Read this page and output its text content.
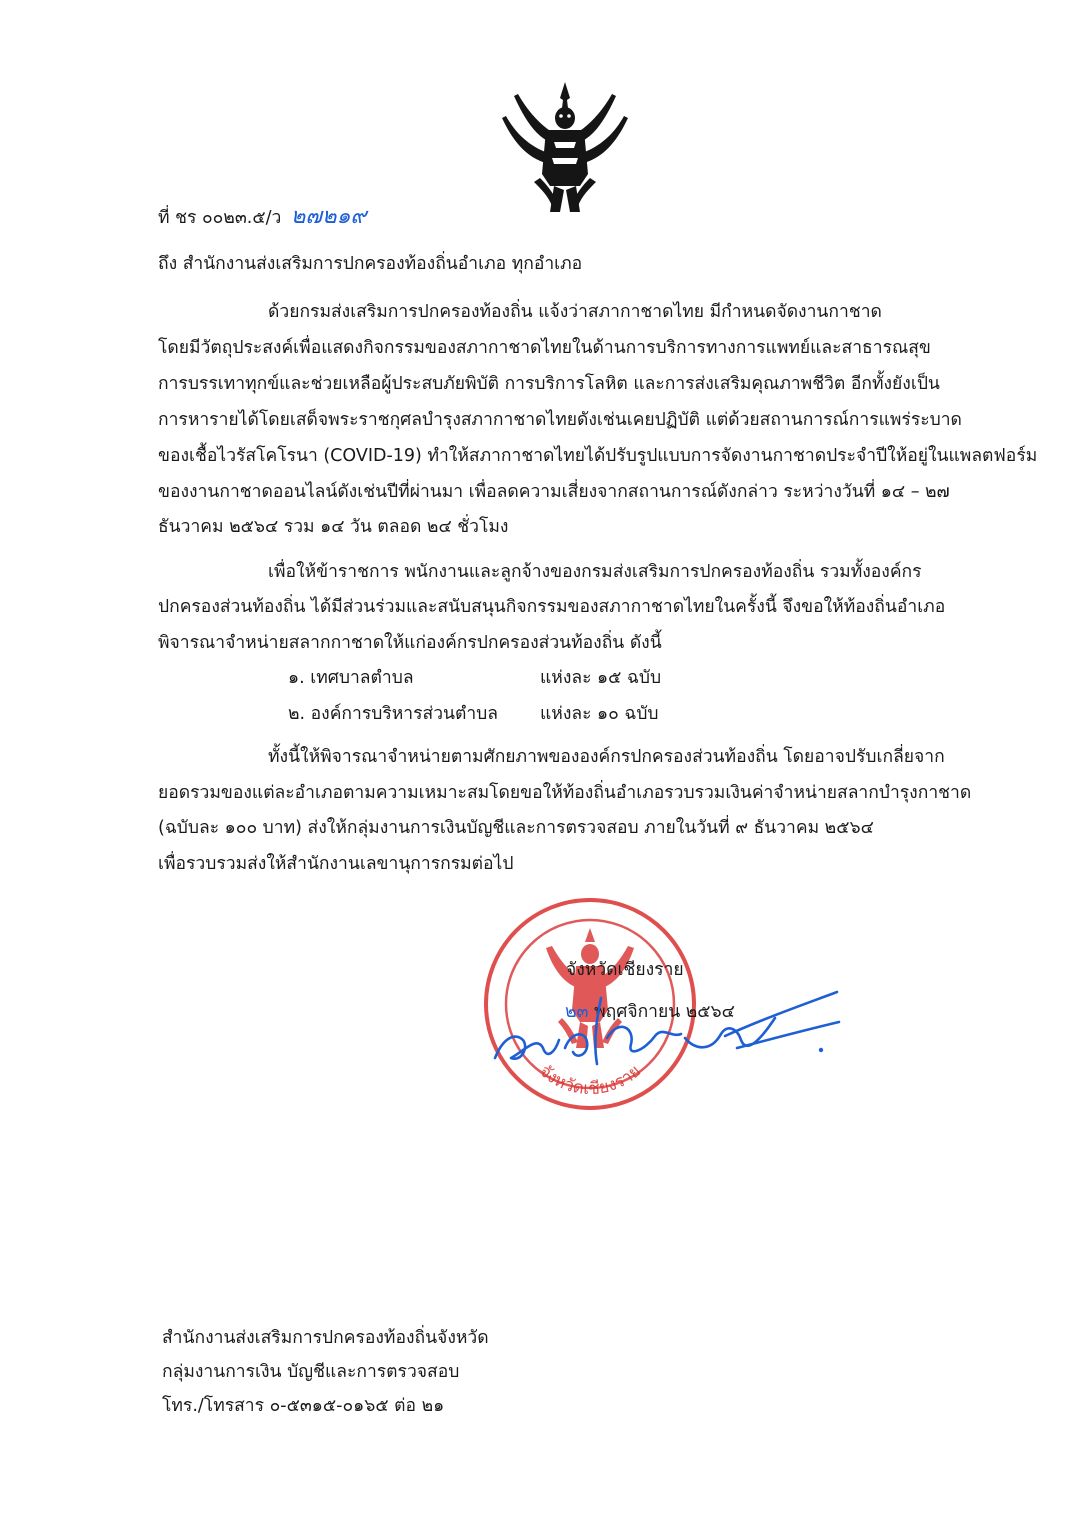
ที่ ชร ๐๐๒๓.๕/ว ๒๗๒๑๙
ถึง สำนักงานส่งเสริมการปกครองท้องถิ่นอำเภอ ทุกอำเภอ
ด้วยกรมส่งเสริมการปกครองท้องถิ่น แจ้งว่าสภากาชาดไทย มีกำหนดจัดงานกาชาด
โดยมีวัตถุประสงค์เพื่อแสดงกิจกรรมของสภากาชาดไทยในด้านการบริการทางการแพทย์และสาธารณสุข
การบรรเทาทุกข์และช่วยเหลือผู้ประสบภัยพิบัติ การบริการโลหิต และการส่งเสริมคุณภาพชีวิต อีกทั้งยังเป็น
การหารายได้โดยเสด็จพระราชกุศลบำรุงสภากาชาดไทยดังเช่นเคยปฏิบัติ แต่ด้วยสถานการณ์การแพร่ระบาด
ของเชื้อไวรัสโคโรนา (COVID-19) ทำให้สภากาชาดไทยได้ปรับรูปแบบการจัดงานกาชาดประจำปีให้อยู่ในแพลตฟอร์ม
ของงานกาชาดออนไลน์ดังเช่นปีที่ผ่านมา เพื่อลดความเสี่ยงจากสถานการณ์ดังกล่าว ระหว่างวันที่ ๑๔ – ๒๗
ธันวาคม ๒๕๖๔ รวม ๑๔ วัน ตลอด ๒๔ ชั่วโมง
เพื่อให้ข้าราชการ พนักงานและลูกจ้างของกรมส่งเสริมการปกครองท้องถิ่น รวมทั้งองค์กร
ปกครองส่วนท้องถิ่น ได้มีส่วนร่วมและสนับสนุนกิจกรรมของสภากาชาดไทยในครั้งนี้ จึงขอให้ท้องถิ่นอำเภอ
พิจารณาจำหน่ายสลากกาชาดให้แก่องค์กรปกครองส่วนท้องถิ่น ดังนี้
๑. เทศบาลตำบล	แห่งละ ๑๕ ฉบับ
๒. องค์การบริหารส่วนตำบล แห่งละ ๑๐ ฉบับ
ทั้งนี้ให้พิจารณาจำหน่ายตามศักยภาพขององค์กรปกครองส่วนท้องถิ่น โดยอาจปรับเกลี่ยจาก
ยอดรวมของแต่ละอำเภอตามความเหมาะสมโดยขอให้ท้องถิ่นอำเภอรวบรวมเงินค่าจำหน่ายสลากบำรุงกาชาด
(ฉบับละ ๑๐๐ บาท) ส่งให้กลุ่มงานการเงินบัญชีและการตรวจสอบ ภายในวันที่ ๙ ธันวาคม ๒๕๖๔
เพื่อรวบรวมส่งให้สำนักงานเลขานุการกรมต่อไป
จังหวัดเชียงราย
จังหวัดเชียงราย
๒๓ พฤศจิกายน ๒๕๖๔
สำนักงานส่งเสริมการปกครองท้องถิ่นจังหวัด
กลุ่มงานการเงิน บัญชีและการตรวจสอบ
โทร./โทรสาร ๐-๕๓๑๕-๐๑๖๕ ต่อ ๒๑
